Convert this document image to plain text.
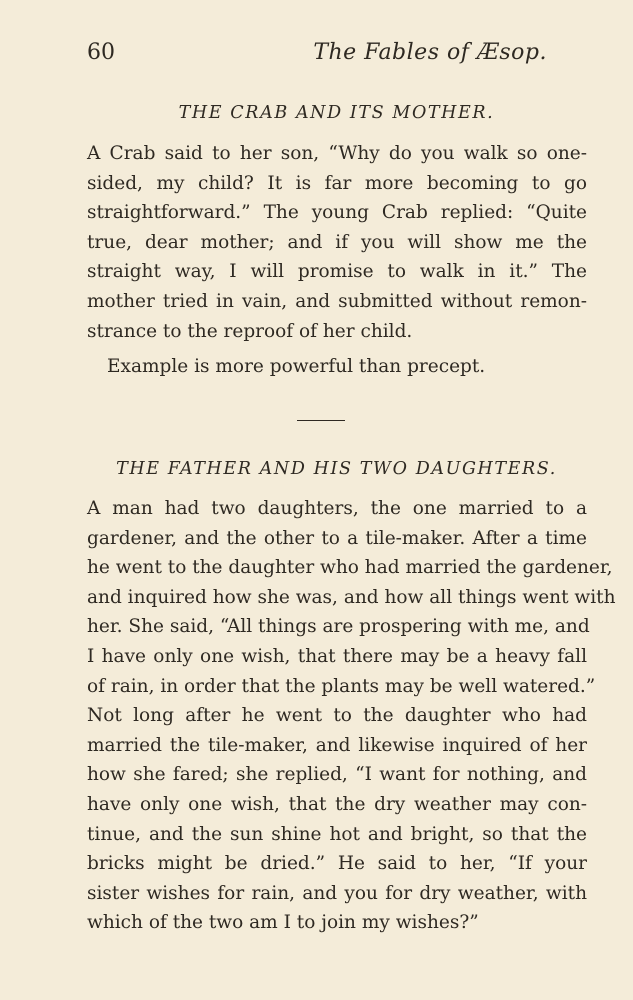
60	The Fables of Æsop.
THE CRAB AND ITS MOTHER.

A Crab said to her son, “Why do you walk so one-
sided, my child? It is far more becoming to go
straightforward.” The young Crab replied: “Quite
true, dear mother; and if you will show me the
straight way, I will promise to walk in it.” The
mother tried in vain, and submitted without remon-
strance to the reproof of her child.

Example is more powerful than precept.

THE FATHER AND HIS TWO DAUGHTERS.

A man had two daughters, the one married to a
gardener, and the other to a tile-maker. After a time
he went to the daughter who had married the gardener,
and inquired how she was, and how all things went with
her. She said, “All things are prospering with me, and
I have only one wish, that there may be a heavy fall
of rain, in order that the plants may be well watered.”
Not long after he went to the daughter who had
married the tile-maker, and likewise inquired of her
how she fared; she replied, “I want for nothing, and
have only one wish, that the dry weather may con-
tinue, and the sun shine hot and bright, so that the
bricks might be dried.” He said to her, “If your
sister wishes for rain, and you for dry weather, with
which of the two am I to join my wishes?”
